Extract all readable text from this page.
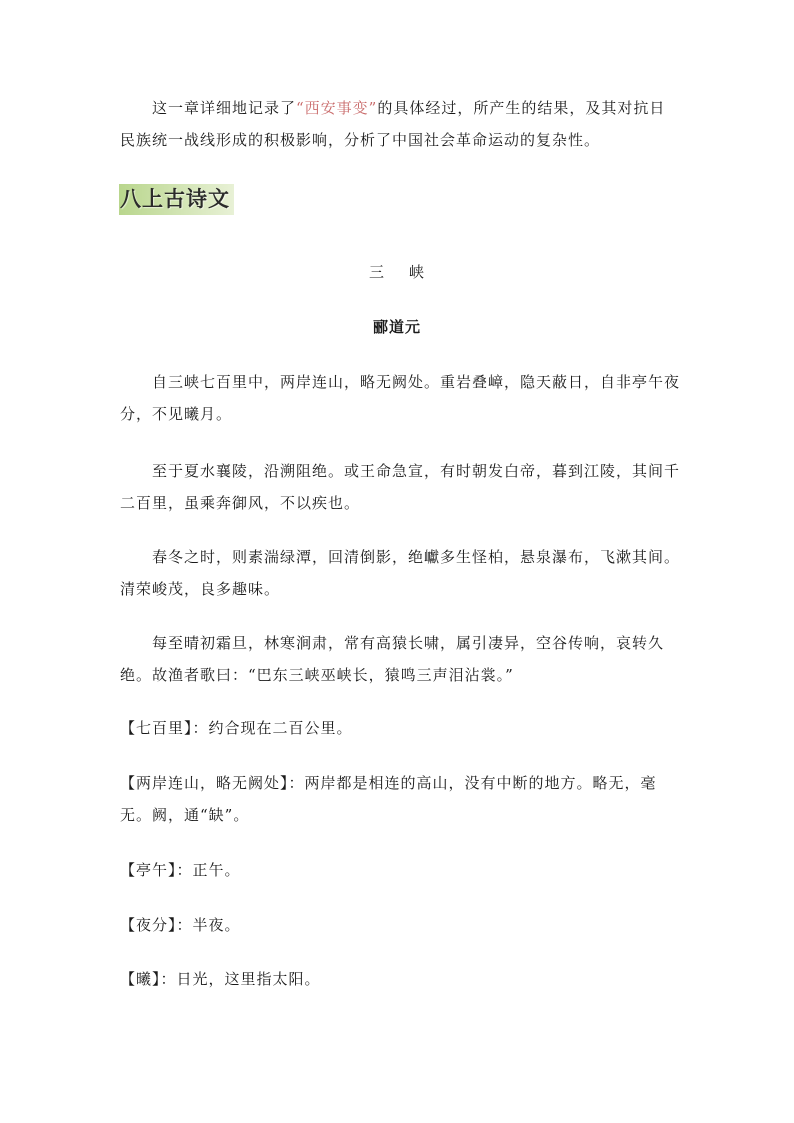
这一章详细地记录了“西安事变”的具体经过，所产生的结果，及其对抗日民族统一战线形成的积极影响，分析了中国社会革命运动的复杂性。

八上古诗文

三 峡

郦道元

自三峡七百里中，两岸连山，略无阙处。重岩叠嶂，隐天蔽日，自非亭午夜分，不见曦月。

至于夏水襄陵，沿溯阻绝。或王命急宣，有时朝发白帝，暮到江陵，其间千二百里，虽乘奔御风，不以疾也。

春冬之时，则素湍绿潭，回清倒影，绝巘多生怪柏，悬泉瀑布，飞漱其间。清荣峻茂，良多趣味。

每至晴初霜旦，林寒涧肃，常有高猿长啸，属引凄异，空谷传响，哀转久绝。故渔者歌曰：“巴东三峡巫峡长，猿鸣三声泪沾裳。”

【七百里】：约合现在二百公里。

【两岸连山，略无阙处】：两岸都是相连的高山，没有中断的地方。略无，毫无。阙，通“缺”。

【亭午】：正午。

【夜分】：半夜。

【曦】：日光，这里指太阳。
